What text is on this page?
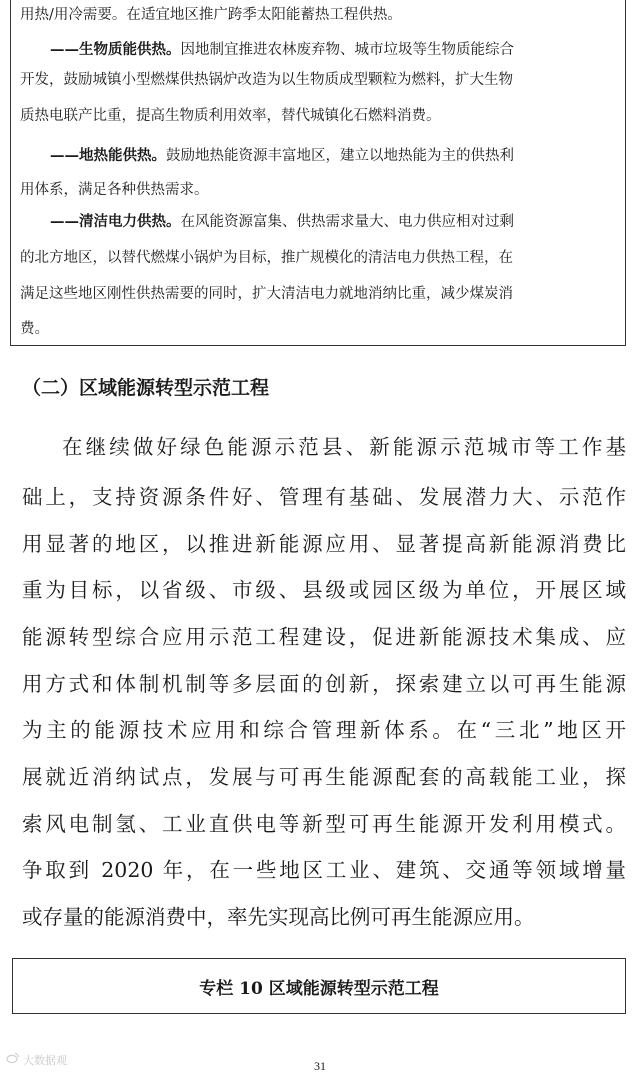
用热/用冷需要。在适宜地区推广跨季太阳能蓄热工程供热。
——生物质能供热。因地制宜推进农林废弃物、城市垃圾等生物质能综合
开发，鼓励城镇小型燃煤供热锅炉改造为以生物质成型颗粒为燃料，扩大生物
质热电联产比重，提高生物质利用效率，替代城镇化石燃料消费。
——地热能供热。鼓励地热能资源丰富地区，建立以地热能为主的供热利
用体系，满足各种供热需求。
——清洁电力供热。在风能资源富集、供热需求量大、电力供应相对过剩
的北方地区，以替代燃煤小锅炉为目标，推广规模化的清洁电力供热工程，在
满足这些地区刚性供热需要的同时，扩大清洁电力就地消纳比重，减少煤炭消
费。
（二）区域能源转型示范工程
在继续做好绿色能源示范县、新能源示范城市等工作基
础上，支持资源条件好、管理有基础、发展潜力大、示范作
用显著的地区，以推进新能源应用、显著提高新能源消费比
重为目标，以省级、市级、县级或园区级为单位，开展区域
能源转型综合应用示范工程建设，促进新能源技术集成、应
用方式和体制机制等多层面的创新，探索建立以可再生能源
为主的能源技术应用和综合管理新体系。在“三北”地区开
展就近消纳试点，发展与可再生能源配套的高载能工业，探
索风电制氢、工业直供电等新型可再生能源开发利用模式。
争取到 2020 年，在一些地区工业、建筑、交通等领域增量
或存量的能源消费中，率先实现高比例可再生能源应用。
专栏 10 区域能源转型示范工程
大数据观	31
